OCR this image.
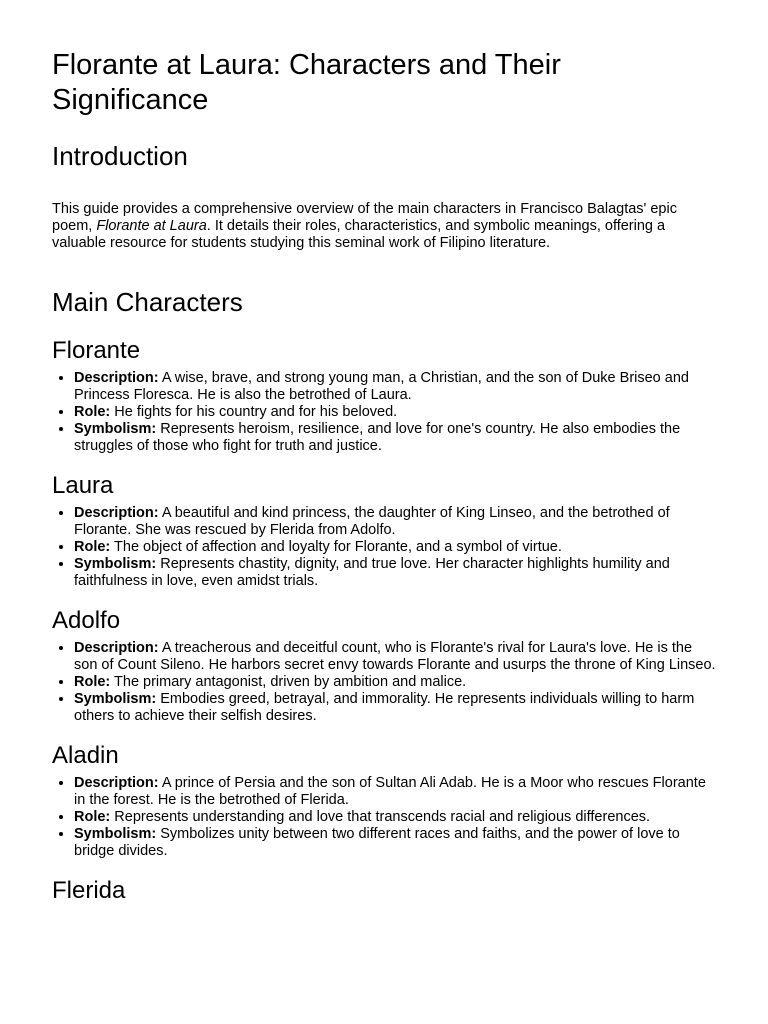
Florante at Laura: Characters and Their Significance
Introduction

This guide provides a comprehensive overview of the main characters in Francisco Balagtas' epic poem, Florante at Laura. It details their roles, characteristics, and symbolic meanings, offering a valuable resource for students studying this seminal work of Filipino literature.

Main Characters
Florante
• Description: A wise, brave, and strong young man, a Christian, and the son of Duke Briseo and Princess Floresca. He is also the betrothed of Laura.
• Role: He fights for his country and for his beloved.
• Symbolism: Represents heroism, resilience, and love for one's country. He also embodies the struggles of those who fight for truth and justice.
Laura
• Description: A beautiful and kind princess, the daughter of King Linseo, and the betrothed of Florante. She was rescued by Flerida from Adolfo.
• Role: The object of affection and loyalty for Florante, and a symbol of virtue.
• Symbolism: Represents chastity, dignity, and true love. Her character highlights humility and faithfulness in love, even amidst trials.
Adolfo
• Description: A treacherous and deceitful count, who is Florante's rival for Laura's love. He is the son of Count Sileno. He harbors secret envy towards Florante and usurps the throne of King Linseo.
• Role: The primary antagonist, driven by ambition and malice.
• Symbolism: Embodies greed, betrayal, and immorality. He represents individuals willing to harm others to achieve their selfish desires.
Aladin
• Description: A prince of Persia and the son of Sultan Ali Adab. He is a Moor who rescues Florante in the forest. He is the betrothed of Flerida.
• Role: Represents understanding and love that transcends racial and religious differences.
• Symbolism: Symbolizes unity between two different races and faiths, and the power of love to bridge divides.
Flerida
